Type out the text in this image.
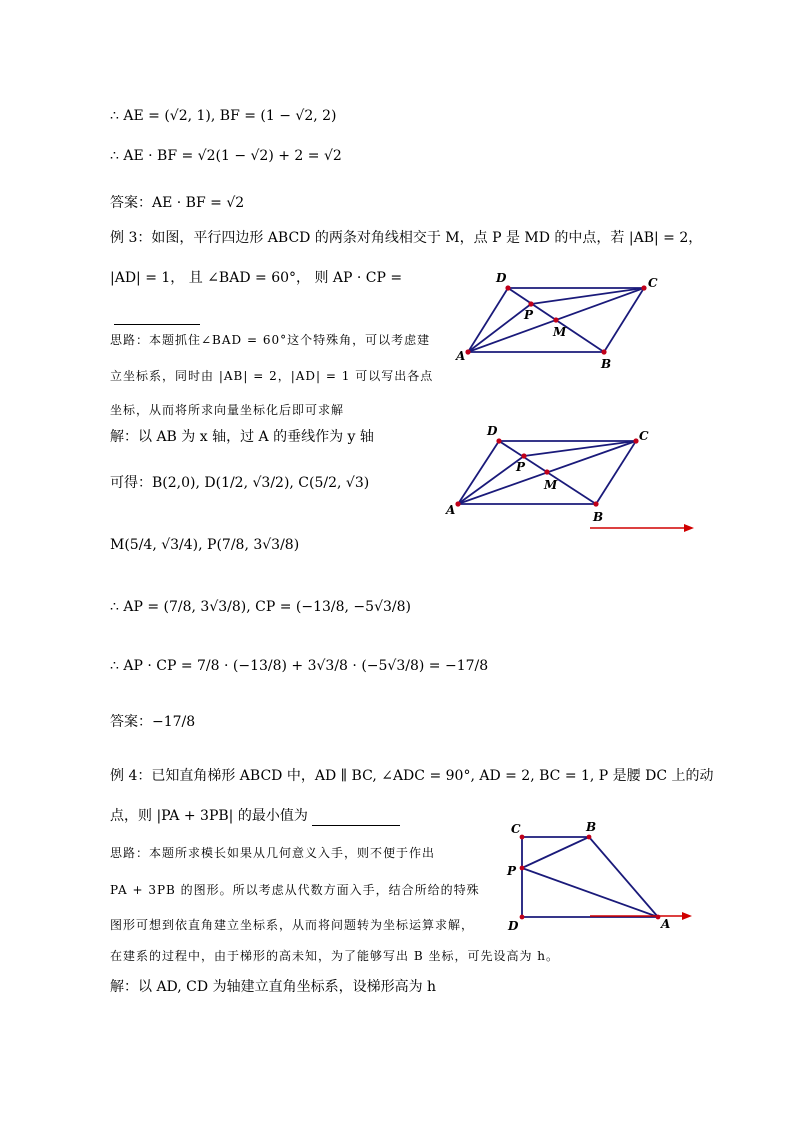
∴ AE = (√2, 1), BF = (1 − √2, 2)
∴ AE · BF = √2(1 − √2) + 2 = √2
答案：AE · BF = √2
例 3：如图，平行四边形 ABCD 的两条对角线相交于 M，点 P 是 MD 的中点，若 |AB| = 2，
|AD| = 1， 且 ∠BAD = 60°， 则 AP · CP =
思路：本题抓住∠BAD = 60°这个特殊角，可以考虑建
立坐标系，同时由 |AB| = 2，|AD| = 1 可以写出各点
坐标，从而将所求向量坐标化后即可求解
解：以 AB 为 x 轴，过 A 的垂线作为 y 轴
可得：B(2,0), D(1/2, √3/2), C(5/2, √3)
M(5/4, √3/4), P(7/8, 3√3/8)
∴ AP = (7/8, 3√3/8), CP = (−13/8, −5√3/8)
∴ AP · CP = 7/8 · (−13/8) + 3√3/8 · (−5√3/8) = −17/8
答案：−17/8
例 4：已知直角梯形 ABCD 中，AD ∥ BC, ∠ADC = 90°, AD = 2, BC = 1, P 是腰 DC 上的动
点，则 |PA + 3PB| 的最小值为
思路：本题所求模长如果从几何意义入手，则不便于作出
PA + 3PB 的图形。所以考虑从代数方面入手，结合所给的特殊
图形可想到依直角建立坐标系，从而将问题转为坐标运算求解，
在建系的过程中，由于梯形的高未知，为了能够写出 B 坐标，可先设高为 h。
解：以 AD, CD 为轴建立直角坐标系，设梯形高为 h
A
B
C
D
M
P
A	B
C
D
M
P
C	B
A
D
P
